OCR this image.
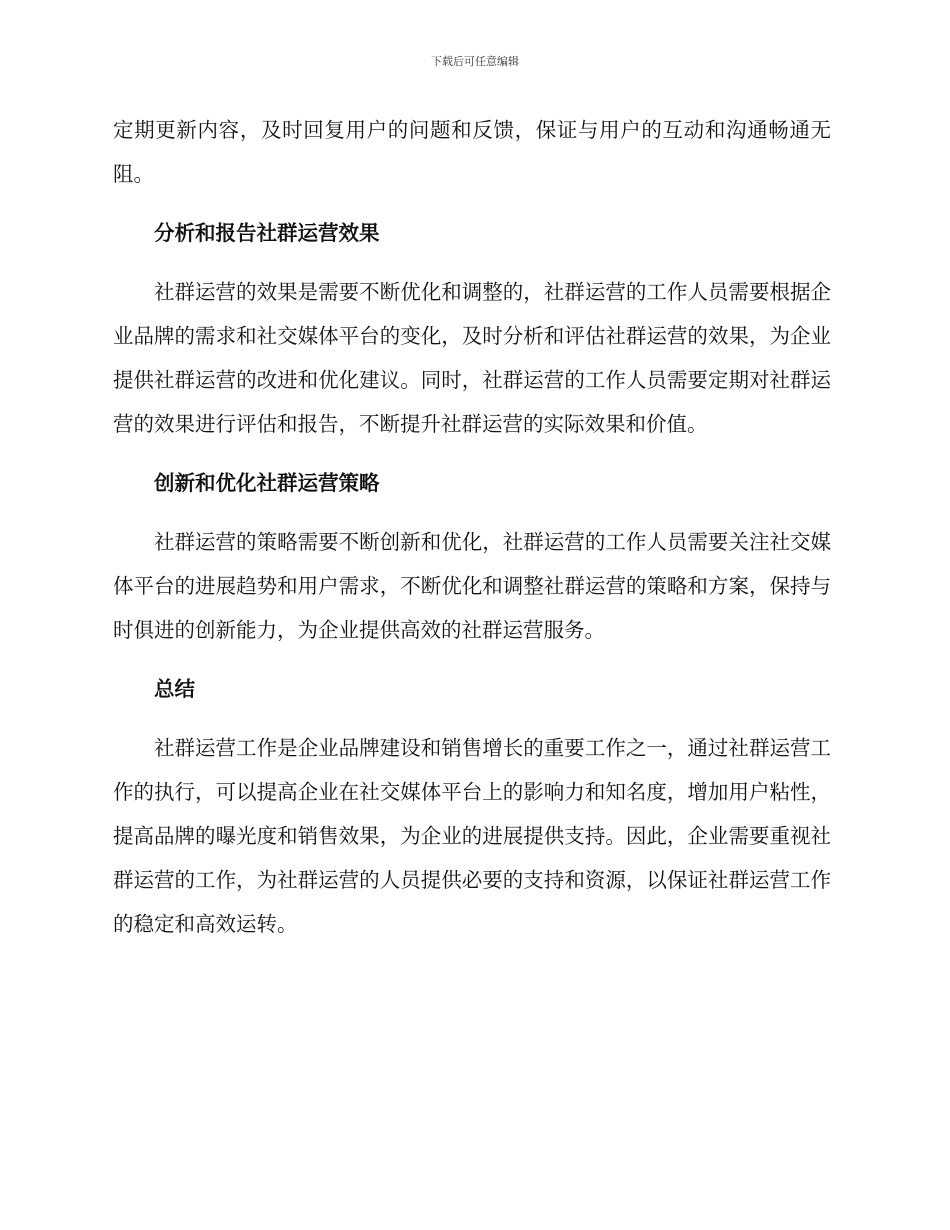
下载后可任意编辑

定期更新内容，及时回复用户的问题和反馈，保证与用户的互动和沟通畅通无阻。

分析和报告社群运营效果

社群运营的效果是需要不断优化和调整的，社群运营的工作人员需要根据企业品牌的需求和社交媒体平台的变化，及时分析和评估社群运营的效果，为企业提供社群运营的改进和优化建议。同时，社群运营的工作人员需要定期对社群运营的效果进行评估和报告，不断提升社群运营的实际效果和价值。

创新和优化社群运营策略

社群运营的策略需要不断创新和优化，社群运营的工作人员需要关注社交媒体平台的进展趋势和用户需求，不断优化和调整社群运营的策略和方案，保持与时俱进的创新能力，为企业提供高效的社群运营服务。

总结

社群运营工作是企业品牌建设和销售增长的重要工作之一，通过社群运营工作的执行，可以提高企业在社交媒体平台上的影响力和知名度，增加用户粘性，提高品牌的曝光度和销售效果，为企业的进展提供支持。因此，企业需要重视社群运营的工作，为社群运营的人员提供必要的支持和资源，以保证社群运营工作的稳定和高效运转。
